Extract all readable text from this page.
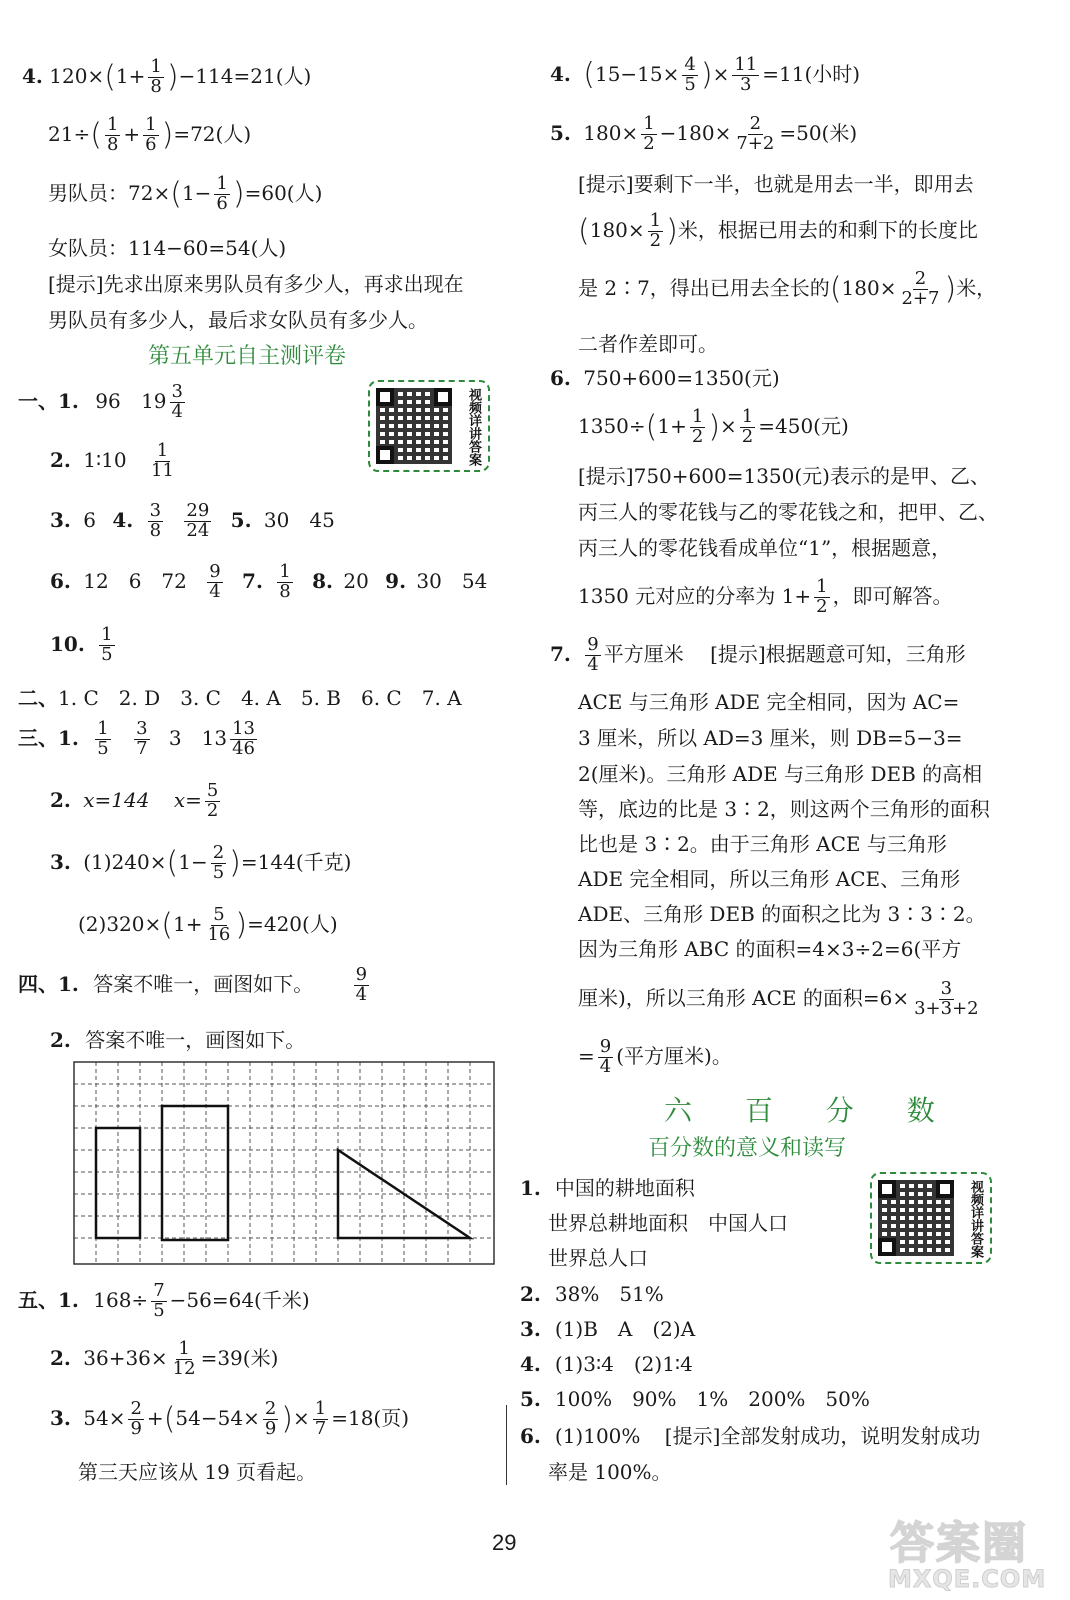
4. $120\times(1+ \frac{1}{8} )-114=21$(人)
$21\div( \frac{1}{8} + \frac{1}{6} )=72$(人)
男队员：$72\times(1- \frac{1}{6} )=60$(人)
女队员：114−60=54(人)
[提示]先求出原来男队员有多少人，再求出现在
男队员有多少人，最后求女队员有多少人。
第五单元自主测评卷
视频详讲答案
一、1. 96 $19 \frac{3}{4}$
2. 1∶10 $\frac{1}{11}$
3. 6 4. $\frac{3}{8}$
$\frac{29}{24} 5$. 30　45
6. 12　6　$72 \frac{9}{4} 7$. $\frac{1}{8} 8$. 20 9. 30　54
10. $\frac{1}{5}$
二、1. C　2. D　3. C　4. A　5. B　6. C　7. A
三、1. $\frac{1}{5}$
$\frac{3}{7} 3$　$13 \frac{13}{46}$
2. x=144 $x= \frac{5}{2}$
3. $(1)240\times(1- \frac{2}{5} )=144$(千克)
$(2)320\times(1+ \frac{5}{16} )=420$(人)
四、1. 答案不唯一，画图如下。 $\frac{9}{4}$
2. 答案不唯一，画图如下。
五、1. $168\div \frac{7}{5} -56=64$(千米)
2. $36+36\times \frac{1}{12} =39$(米)
3. $54\times \frac{2}{9} +(54-54\times \frac{2}{9}$ )× $\frac{1}{7} =18$(页)
第三天应该从 19 页看起。
4. ($15-15\times \frac{4}{5}$ )× $\frac{11}{3} =11$(小时)
5. $180\times \frac{1}{2} -180\times \frac{2}{7+2} =50$(米)
[提示]要剩下一半，也就是用去一半，即用去
($180\times \frac{1}{2}$ )米，根据已用去的和剩下的长度比
是 2∶7，得出已用去全长的($180\times \frac{2}{2+7}$ )米，
二者作差即可。
6. 750+600=1350(元)
$1350\div(1+ \frac{1}{2}$ )× $\frac{1}{2} =450$(元)
[提示]750+600=1350(元)表示的是甲、乙、
丙三人的零花钱与乙的零花钱之和，把甲、乙、
丙三人的零花钱看成单位“1”，根据题意，
1350 元对应的分率为 $1+ \frac{1}{2}$ ，即可解答。
7. $\frac{9}{4}$ 平方厘米 [提示]根据题意可知，三角形
ACE 与三角形 ADE 完全相同，因为 AC=
3 厘米，所以 AD=3 厘米，则 DB=5−3=
2(厘米)。三角形 ADE 与三角形 DEB 的高相
等，底边的比是 3∶2，则这两个三角形的面积
比也是 3∶2。由于三角形 ACE 与三角形
ADE 完全相同，所以三角形 ACE、三角形
ADE、三角形 DEB 的面积之比为 3∶3∶2。
因为三角形 ABC 的面积=4×3÷2=6(平方
厘米)，所以三角形 ACE 的面积$=6\times \frac{3}{3+3+2}$
= $\frac{9}{4}$ (平方厘米)。
六 百 分 数
百分数的意义和读写
视频详讲答案
1. 中国的耕地面积
世界总耕地面积　中国人口
世界总人口
2. 38%　51%
3. (1)B　A　(2)A
4. (1)3∶4　(2)1∶4
5. 100%　90%　1%　200%　50%
6. (1)100% [提示]全部发射成功，说明发射成功
率是 100%。
29	答案圈
MXQE.COM
